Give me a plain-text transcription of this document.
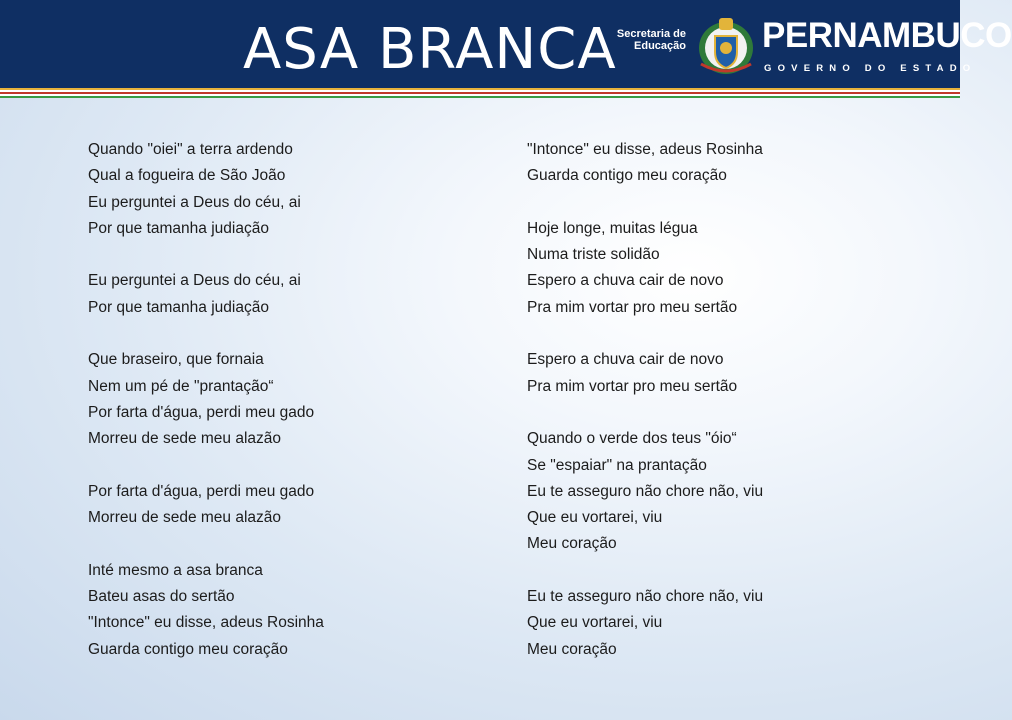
ASA BRANCA Secretaria de
Educação PERNAMBUCO
GOVERNO DO ESTADO
Quando "oiei" a terra ardendo
Qual a fogueira de São João
Eu perguntei a Deus do céu, ai
Por que tamanha judiação
Eu perguntei a Deus do céu, ai
Por que tamanha judiação
Que braseiro, que fornaia
Nem um pé de "prantação“
Por farta d'água, perdi meu gado
Morreu de sede meu alazão
Por farta d'água, perdi meu gado
Morreu de sede meu alazão
Inté mesmo a asa branca
Bateu asas do sertão
"Intonce" eu disse, adeus Rosinha
Guarda contigo meu coração
"Intonce" eu disse, adeus Rosinha
Guarda contigo meu coração
Hoje longe, muitas légua
Numa triste solidão
Espero a chuva cair de novo
Pra mim vortar pro meu sertão
Espero a chuva cair de novo
Pra mim vortar pro meu sertão
Quando o verde dos teus "óio“
Se "espaiar" na prantação
Eu te asseguro não chore não, viu
Que eu vortarei, viu
Meu coração
Eu te asseguro não chore não, viu
Que eu vortarei, viu
Meu coração
